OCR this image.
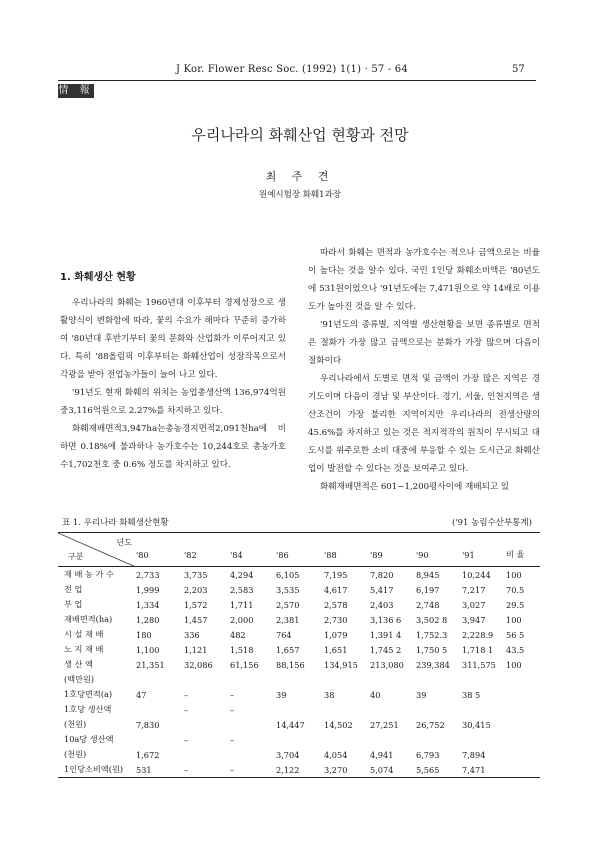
J Kor. Flower Resc Soc. (1992) 1(1) · 57 - 64	57
情 報
우리나라의 화훼산업 현황과 전망
최 주 견
원예시험장 화훼1과장
1. 화훼생산 현황

우리나라의 화훼는 1960년대 이후부터 경제성장으로 생활양식이 변화함에 따라, 꽃의 수요가 해마다 꾸준히 증가하여 '80년대 후반기부터 꽃의 문화와 산업화가 이루어지고 있다. 특히 '88올림픽 이후부터는 화훼산업이 성장작목으로서 각광을 받아 전업농가들이 늘어 나고 있다.

'91년도 현재 화훼의 위치는 농업총생산액 136,974억원 중3,116억원으로 2.27%를 차지하고 있다.

화훼재배면적3,947ha는총농경지면적2,091천ha에 비하면 0.18%에 불과하나 농가호수는 10,244호로 총농가호수1,702천호 중 0.6% 정도를 차지하고 있다.

따라서 화훼는 면적과 농가호수는 적으나 금액으로는 비율이 높다는 것을 알수 있다. 국민 1인당 화훼소비액은 '80년도에 531원이었으나 '91년도에는 7,471원으로 약 14배로 이용도가 높아진 것을 알 수 있다.

'91년도의 종류별, 지역별 생산현황을 보면 종류별로 면적은 절화가 가장 많고 금액으로는 분화가 가장 많으며 다음이 절화이다

우리나라에서 도별로 면적 및 금액이 가장 많은 지역은 경기도이며 다음이 경남 및 부산이다. 경기, 서울, 인천지역은 생산조건이 가장 불리한 지역이지만 우리나라의 전생산량의 45.6%를 차지하고 있는 것은 적지적작의 원칙이 무시되고 대도시를 위주로한 소비 대중에 부응할 수 있는 도시근교 화훼산업이 발전할 수 있다는 것을 보여주고 있다.

화훼재배면적은 601~1,200평사이에 재배되고 있

표 1. 우리나라 화훼생산현황	('91 농림수산부통계)
년도
구분	'80	'82	'84	'86	'88	'89	'90	'91	비 율
재 배 농 가 수	2,733	3,735	4,294	6,105	7,195	7,820	8,945	10,244	100
전 업	1,999	2,203	2,583	3,535	4,617	5,417	6,197	7,217	70.5
부 업	1,334	1,572	1,711	2,570	2,578	2,403	2,748	3,027	29.5
재배면적(ha)	1,280	1,457	2,000	2,381	2,730	3,136 6	3,502 8	3,947	100
시 설 재 배	180	336	482	764	1,079	1,391 4	1,752.3	2,228.9	56 5
노 지 재 배	1,100	1,121	1,518	1,657	1,651	1,745 2	1,750 5	1,718 1	43.5
생 산 액	21,351	32,086	61,156	88,156	134,915	213,080	239,384	311,575	100
(백만원)									
1호당면적(a)	47	–	–	39	38	40	39	38 5	
1호당 생산액		–	–						
(천원)	7,830			14,447	14,502	27,251	26,752	30,415	
10a당 생산액		–	–						
(천원)	1,672			3,704	4,054	4,941	6,793	7,894	
1인당소비액(원)	531	–	–	2,122	3,270	5,074	5,565	7,471	
